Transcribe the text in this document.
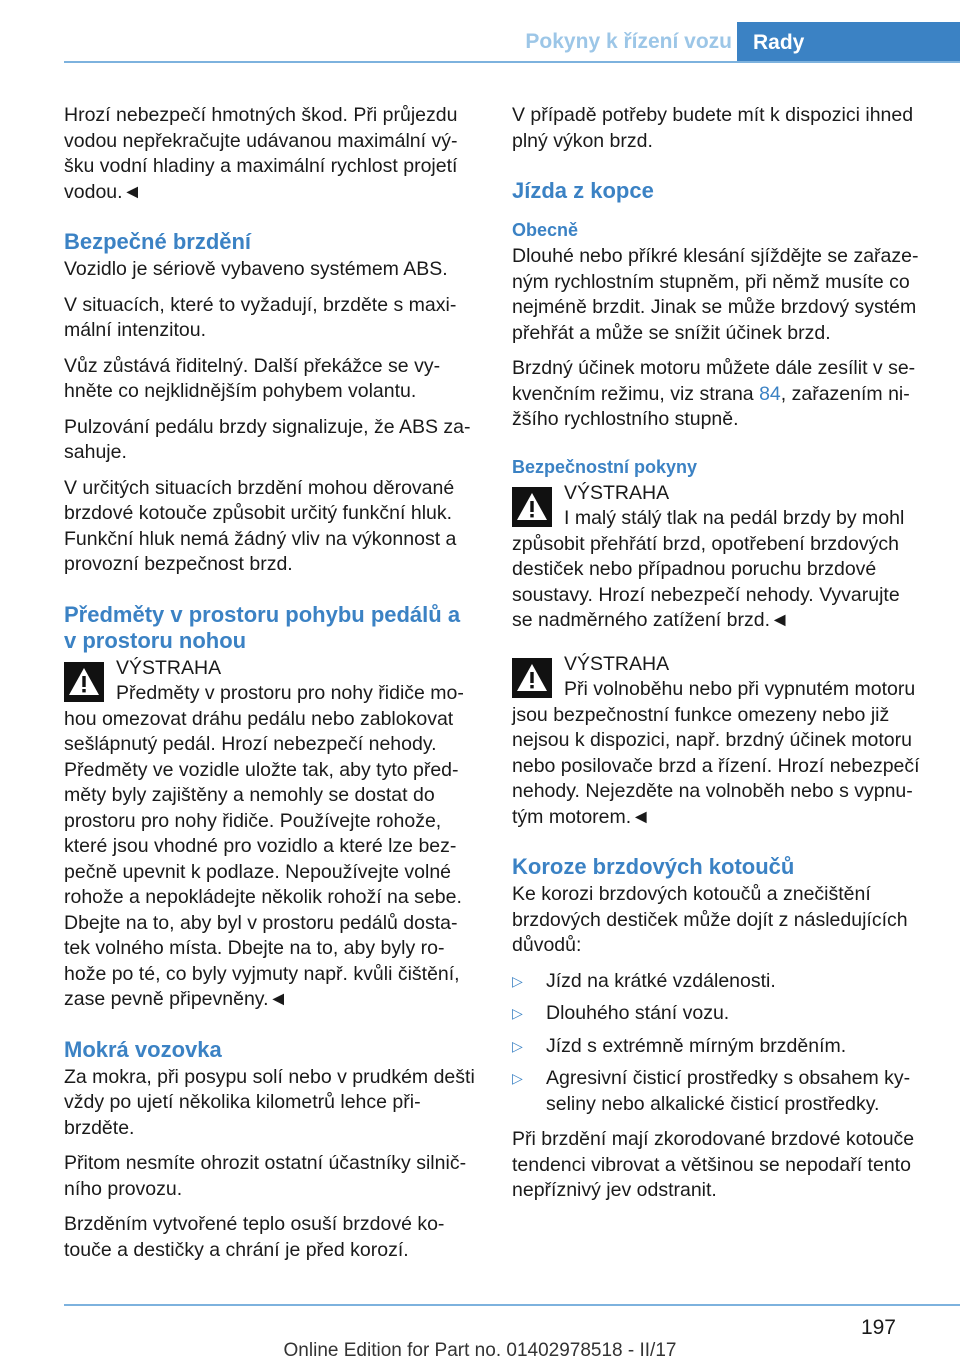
Pokyny k řízení vozu Rady

Hrozí nebezpečí hmotných škod. Při průjezdu vodou nepřekračujte udávanou maximální vý-šku vodní hladiny a maximální rychlost projetí vodou.◄

Bezpečné brzdění

Vozidlo je sériově vybaveno systémem ABS.

V situacích, které to vyžadují, brzděte s maxi-mální intenzitou.

Vůz zůstává řiditelný. Další překážce se vy-hněte co nejklidnějším pohybem volantu.

Pulzování pedálu brzdy signalizuje, že ABS za-sahuje.

V určitých situacích brzdění mohou děrované brzdové kotouče způsobit určitý funkční hluk. Funkční hluk nemá žádný vliv na výkonnost a provozní bezpečnost brzd.

Předměty v prostoru pohybu pedálů a v prostoru nohou
VÝSTRAHA
Předměty v prostoru pro nohy řidiče mo-hou omezovat dráhu pedálu nebo zablokovat sešlápnutý pedál. Hrozí nebezpečí nehody. Předměty ve vozidle uložte tak, aby tyto před-měty byly zajištěny a nemohly se dostat do prostoru pro nohy řidiče. Používejte rohože, které jsou vhodné pro vozidlo a které lze bez-pečně upevnit k podlaze. Nepoužívejte volné rohože a nepokládejte několik rohoží na sebe. Dbejte na to, aby byl v prostoru pedálů dosta-tek volného místa. Dbejte na to, aby byly ro-hože po té, co byly vyjmuty např. kvůli čištění, zase pevně připevněny.◄
Mokrá vozovka

Za mokra, při posypu solí nebo v prudkém dešti vždy po ujetí několika kilometrů lehce při-brzděte.

Přitom nesmíte ohrozit ostatní účastníky silnič-ního provozu.

Brzděním vytvořené teplo osuší brzdové ko-touče a destičky a chrání je před korozí.

V případě potřeby budete mít k dispozici ihned plný výkon brzd.

Jízda z kopce
Obecně

Dlouhé nebo příkré klesání sjíždějte se zařaze-ným rychlostním stupněm, při němž musíte co nejméně brzdit. Jinak se může brzdový systém přehřát a může se snížit účinek brzd.

Brzdný účinek motoru můžete dále zesílit v se-kvenčním režimu, viz strana 84, zařazením ni-žšího rychlostního stupně.

Bezpečnostní pokyny
VÝSTRAHA
I malý stálý tlak na pedál brzdy by mohl způsobit přehřátí brzd, opotřebení brzdových destiček nebo případnou poruchu brzdové soustavy. Hrozí nebezpečí nehody. Vyvarujte se nadměrného zatížení brzd.◄
VÝSTRAHA
Při volnoběhu nebo při vypnutém motoru jsou bezpečnostní funkce omezeny nebo již nejsou k dispozici, např. brzdný účinek motoru nebo posilovače brzd a řízení. Hrozí nebezpečí nehody. Nejezděte na volnoběh nebo s vypnu-tým motorem.◄
Koroze brzdových kotoučů

Ke korozi brzdových kotoučů a znečištění brzdových destiček může dojít z následujících důvodů:

▷ Jízd na krátké vzdálenosti.
▷ Dlouhého stání vozu.
▷ Jízd s extrémně mírným brzděním.
▷ Agresivní čisticí prostředky s obsahem ky-seliny nebo alkalické čisticí prostředky.

Při brzdění mají zkorodované brzdové kotouče tendenci vibrovat a většinou se nepodaří tento nepříznivý jev odstranit.

197
Online Edition for Part no. 01402978518 - II/17
